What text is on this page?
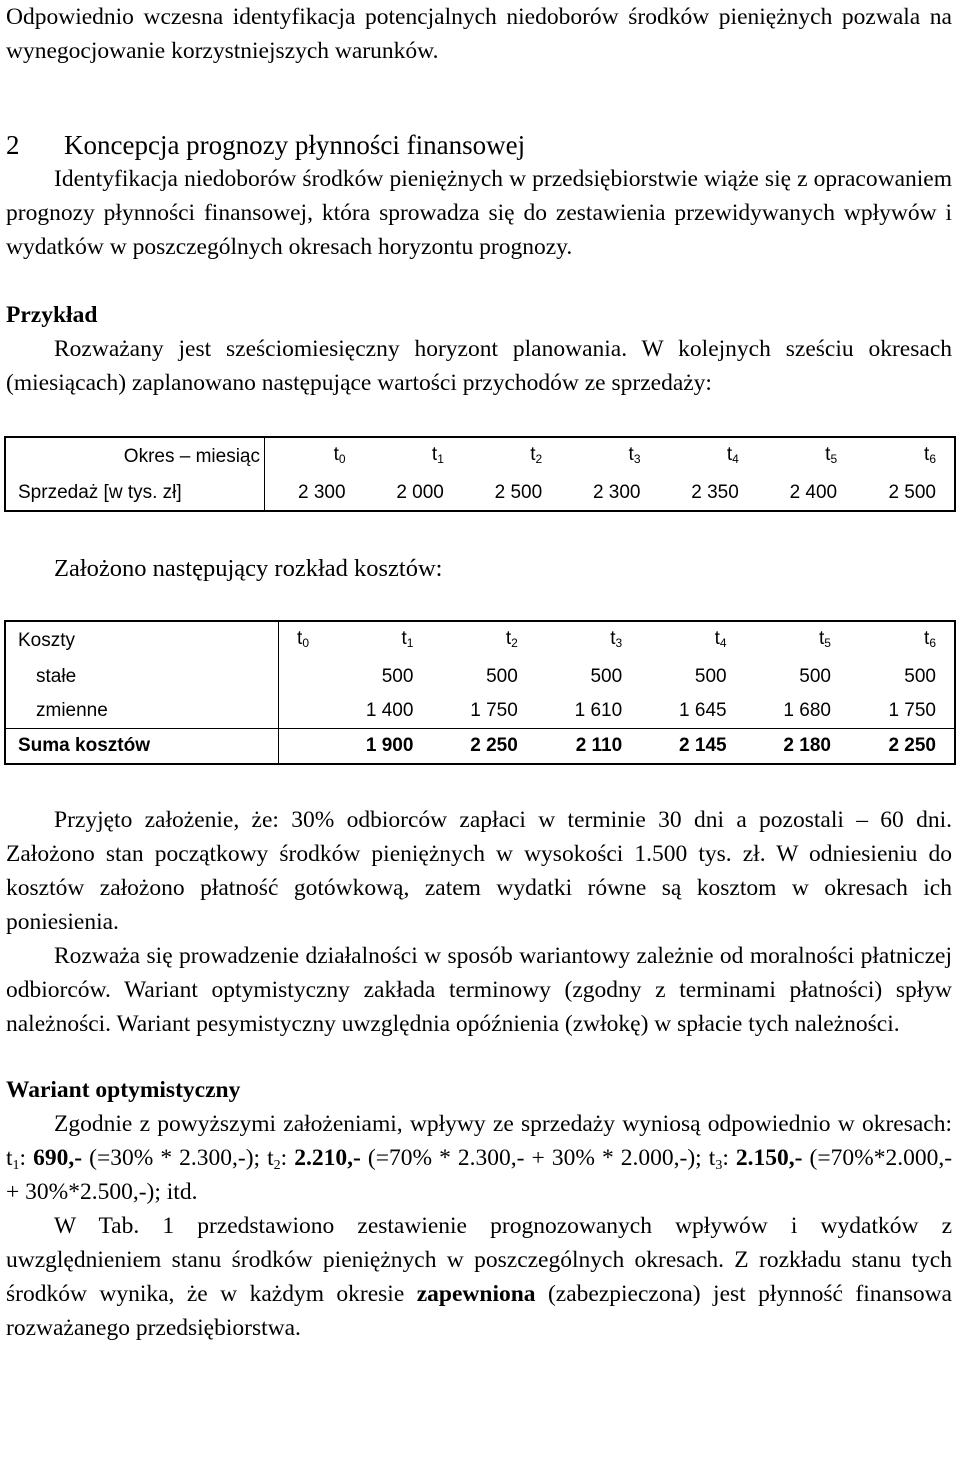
Odpowiednio wczesna identyfikacja potencjalnych niedoborów środków pieniężnych pozwala na wynegocjowanie korzystniejszych warunków.

2 Koncepcja prognozy płynności finansowej

Identyfikacja niedoborów środków pieniężnych w przedsiębiorstwie wiąże się z opracowaniem prognozy płynności finansowej, która sprowadza się do zestawienia przewidywanych wpływów i wydatków w poszczególnych okresach horyzontu prognozy.

Przykład

Rozważany jest sześciomiesięczny horyzont planowania. W kolejnych sześciu okresach (miesiącach) zaplanowano następujące wartości przychodów ze sprzedaży:

Okres – miesiąc	$t_0$	$t_1$	$t_2$	$t_3$	$t_4$	$t_5$	$t_6$
Sprzedaż [w tys. zł]	2 300	2 000	2 500	2 300	2 350	2 400	2 500

Założono następujący rozkład kosztów:

Koszty	$t_0$	$t_1$	$t_2$	$t_3$	$t_4$	$t_5$	$t_6$
stałe		500	500	500	500	500	500
zmienne		1 400	1 750	1 610	1 645	1 680	1 750
Suma kosztów		1 900	2 250	2 110	2 145	2 180	2 250

Przyjęto założenie, że: 30% odbiorców zapłaci w terminie 30 dni a pozostali – 60 dni. Założono stan początkowy środków pieniężnych w wysokości 1.500 tys. zł. W odniesieniu do kosztów założono płatność gotówkową, zatem wydatki równe są kosztom w okresach ich poniesienia.

Rozważa się prowadzenie działalności w sposób wariantowy zależnie od moralności płatniczej odbiorców. Wariant optymistyczny zakłada terminowy (zgodny z terminami płatności) spływ należności. Wariant pesymistyczny uwzględnia opóźnienia (zwłokę) w spłacie tych należności.

Wariant optymistyczny

Zgodnie z powyższymi założeniami, wpływy ze sprzedaży wyniosą odpowiednio w okresach: $t_1$: 690,- (=30% * 2.300,-); $t_2$: 2.210,- (=70% * 2.300,- + 30% * 2.000,-); $t_3$: 2.150,- (=70%*2.000,- + 30%*2.500,-); itd.

W Tab. 1 przedstawiono zestawienie prognozowanych wpływów i wydatków z uwzględnieniem stanu środków pieniężnych w poszczególnych okresach. Z rozkładu stanu tych środków wynika, że w każdym okresie zapewniona (zabezpieczona) jest płynność finansowa rozważanego przedsiębiorstwa.
